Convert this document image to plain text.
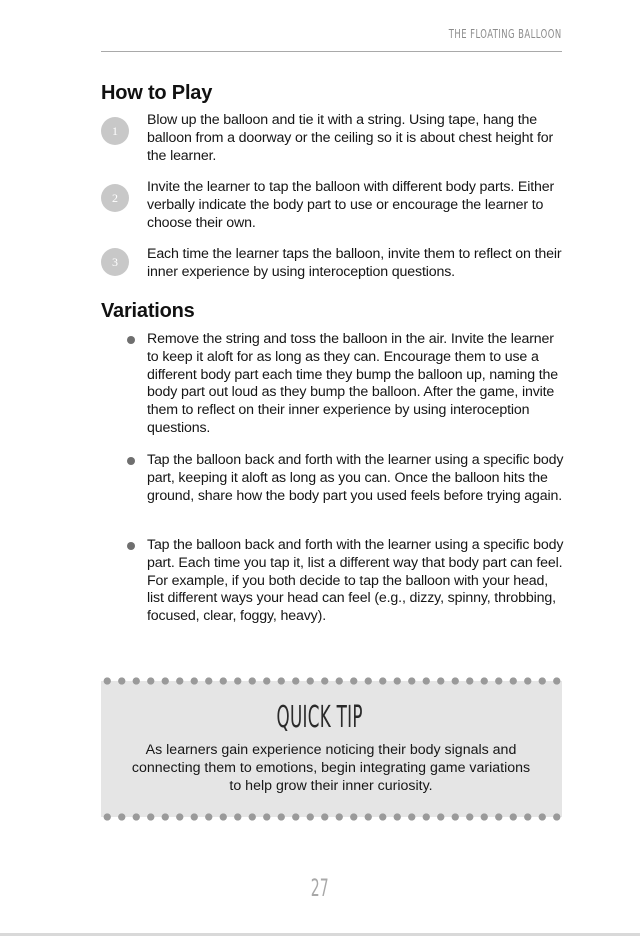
THE FLOATING BALLOON
How to Play
1
Blow up the balloon and tie it with a string. Using tape, hang the balloon from a doorway or the ceiling so it is about chest height for the learner.
2
Invite the learner to tap the balloon with different body parts. Either verbally indicate the body part to use or encourage the learner to choose their own.
3	Each time the learner taps the balloon, invite them to reflect on their inner experience by using interoception questions.
Variations
Remove the string and toss the balloon in the air. Invite the learner to keep it aloft for as long as they can. Encourage them to use a different body part each time they bump the balloon up, naming the body part out loud as they bump the balloon. After the game, invite them to reflect on their inner experience by using interoception questions.
Tap the balloon back and forth with the learner using a specific body part, keeping it aloft as long as you can. Once the balloon hits the ground, share how the body part you used feels before trying again.
Tap the balloon back and forth with the learner using a specific body part. Each time you tap it, list a different way that body part can feel. For example, if you both decide to tap the balloon with your head, list different ways your head can feel (e.g., dizzy, spinny, throbbing, focused, clear, foggy, heavy).
QUICK TIP
As learners gain experience noticing their body signals and connecting them to emotions, begin integrating game variations to help grow their inner curiosity.
27
